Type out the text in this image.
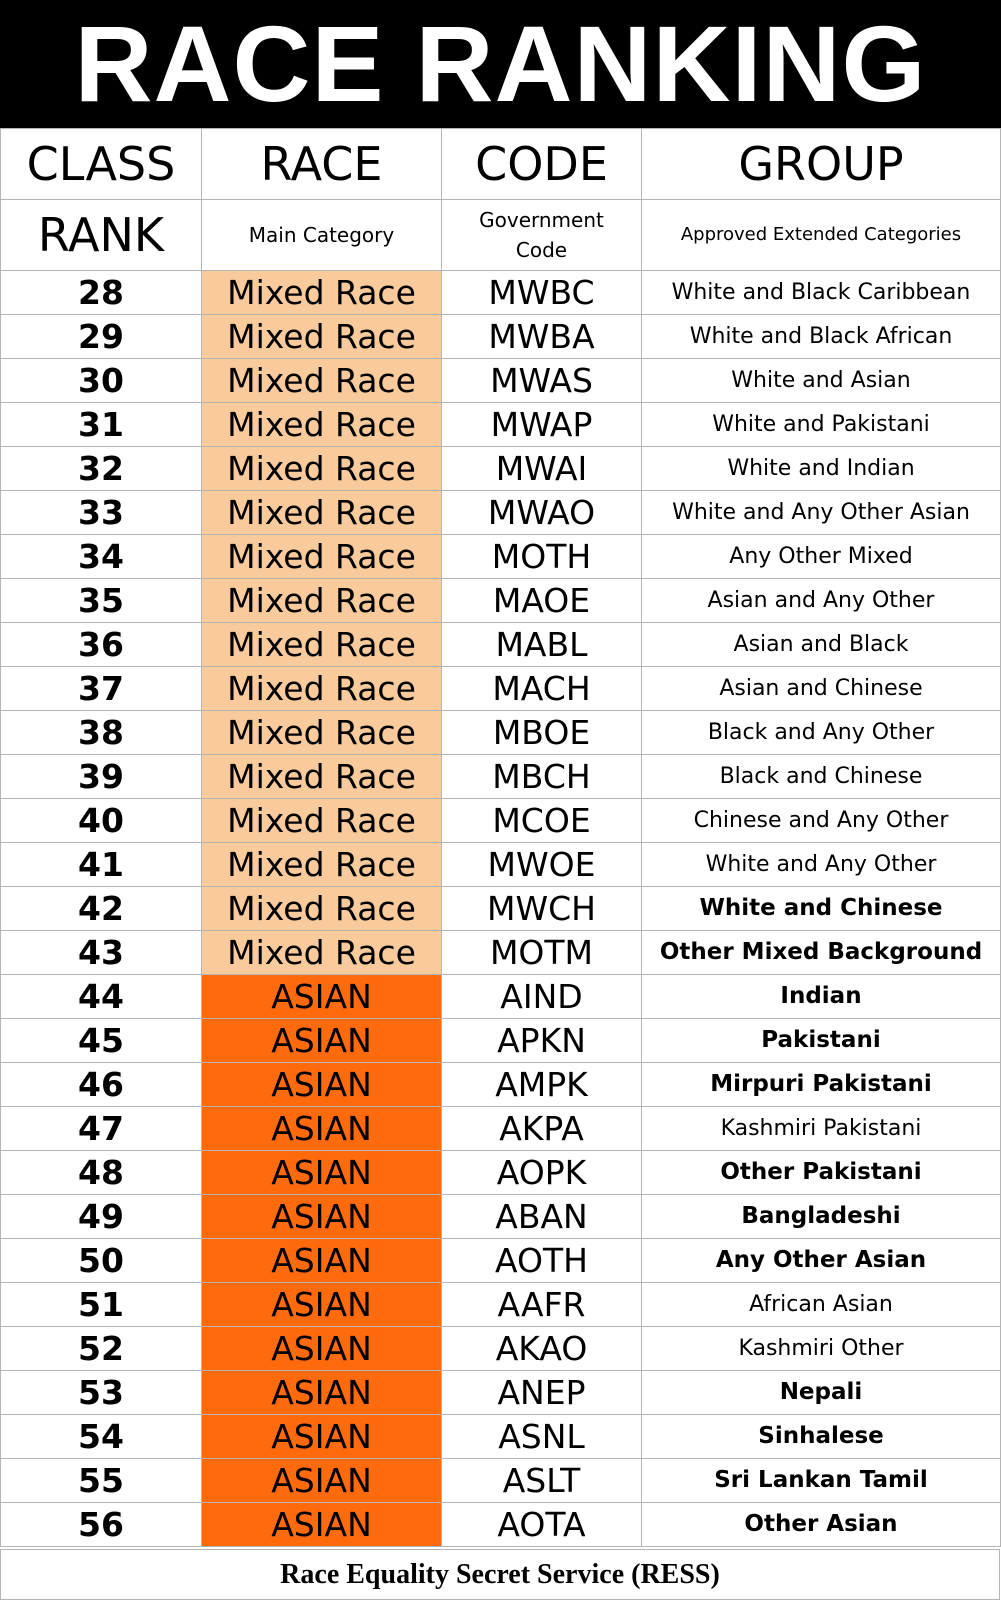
RACE RANKING
CLASS	RACE	CODE	GROUP
RANK	Main Category	Government Code	Approved Extended Categories
28	Mixed Race	MWBC	White and Black Caribbean
29	Mixed Race	MWBA	White and Black African
30	Mixed Race	MWAS	White and Asian
31	Mixed Race	MWAP	White and Pakistani
32	Mixed Race	MWAI	White and Indian
33	Mixed Race	MWAO	White and Any Other Asian
34	Mixed Race	MOTH	Any Other Mixed
35	Mixed Race	MAOE	Asian and Any Other
36	Mixed Race	MABL	Asian and Black
37	Mixed Race	MACH	Asian and Chinese
38	Mixed Race	MBOE	Black and Any Other
39	Mixed Race	MBCH	Black and Chinese
40	Mixed Race	MCOE	Chinese and Any Other
41	Mixed Race	MWOE	White and Any Other
42	Mixed Race	MWCH	White and Chinese
43	Mixed Race	MOTM	Other Mixed Background
44	ASIAN	AIND	Indian
45	ASIAN	APKN	Pakistani
46	ASIAN	AMPK	Mirpuri Pakistani
47	ASIAN	AKPA	Kashmiri Pakistani
48	ASIAN	AOPK	Other Pakistani
49	ASIAN	ABAN	Bangladeshi
50	ASIAN	AOTH	Any Other Asian
51	ASIAN	AAFR	African Asian
52	ASIAN	AKAO	Kashmiri Other
53	ASIAN	ANEP	Nepali
54	ASIAN	ASNL	Sinhalese
55	ASIAN	ASLT	Sri Lankan Tamil
56	ASIAN	AOTA	Other Asian
Race Equality Secret Service (RESS)
